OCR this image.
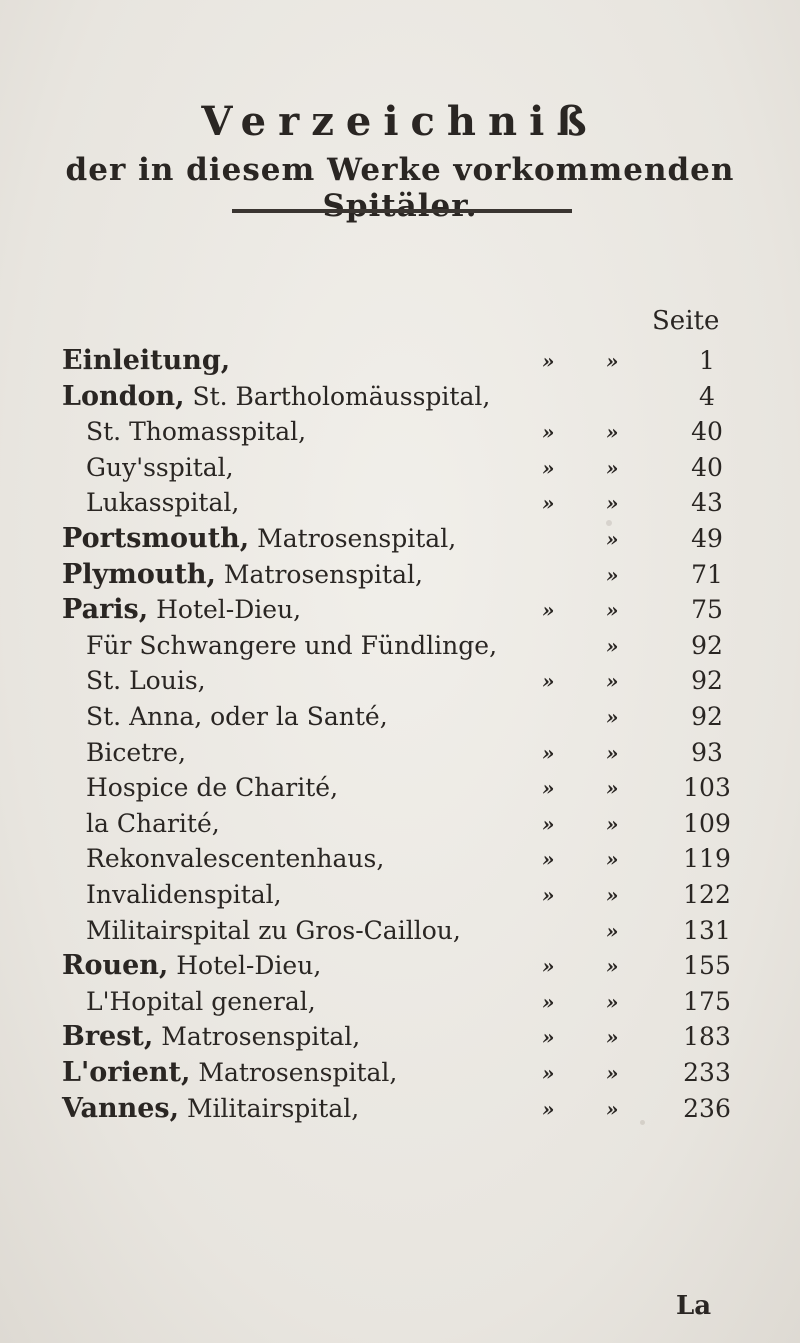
Verzeichniß
der in diesem Werke vorkommenden Spitäler.
Seite
Einleitung,	»	»	1
London, St. Bartholomäusspital,	4
St. Thomasspital,	»	»	40
Guy'sspital,	»	»	40
Lukasspital,	»	»	43
Portsmouth, Matrosenspital,	»	49
Plymouth, Matrosenspital,	»	71
Paris, Hotel-Dieu,	»	»	75
Für Schwangere und Fündlinge,	»	92
St. Louis,	»	»	92
St. Anna, oder la Santé,	»	92
Bicetre,	»	»	93
Hospice de Charité,	»	»	103
la Charité,	»	»	109
Rekonvalescentenhaus,	»	»	119
Invalidenspital,	»	»	122
Militairspital zu Gros-Caillou,	»	131
Rouen, Hotel-Dieu,	»	»	155
L'Hopital general,	»	»	175
Brest, Matrosenspital,	»	»	183
L'orient, Matrosenspital,	»	»	233
Vannes, Militairspital,	»	»	236
La
